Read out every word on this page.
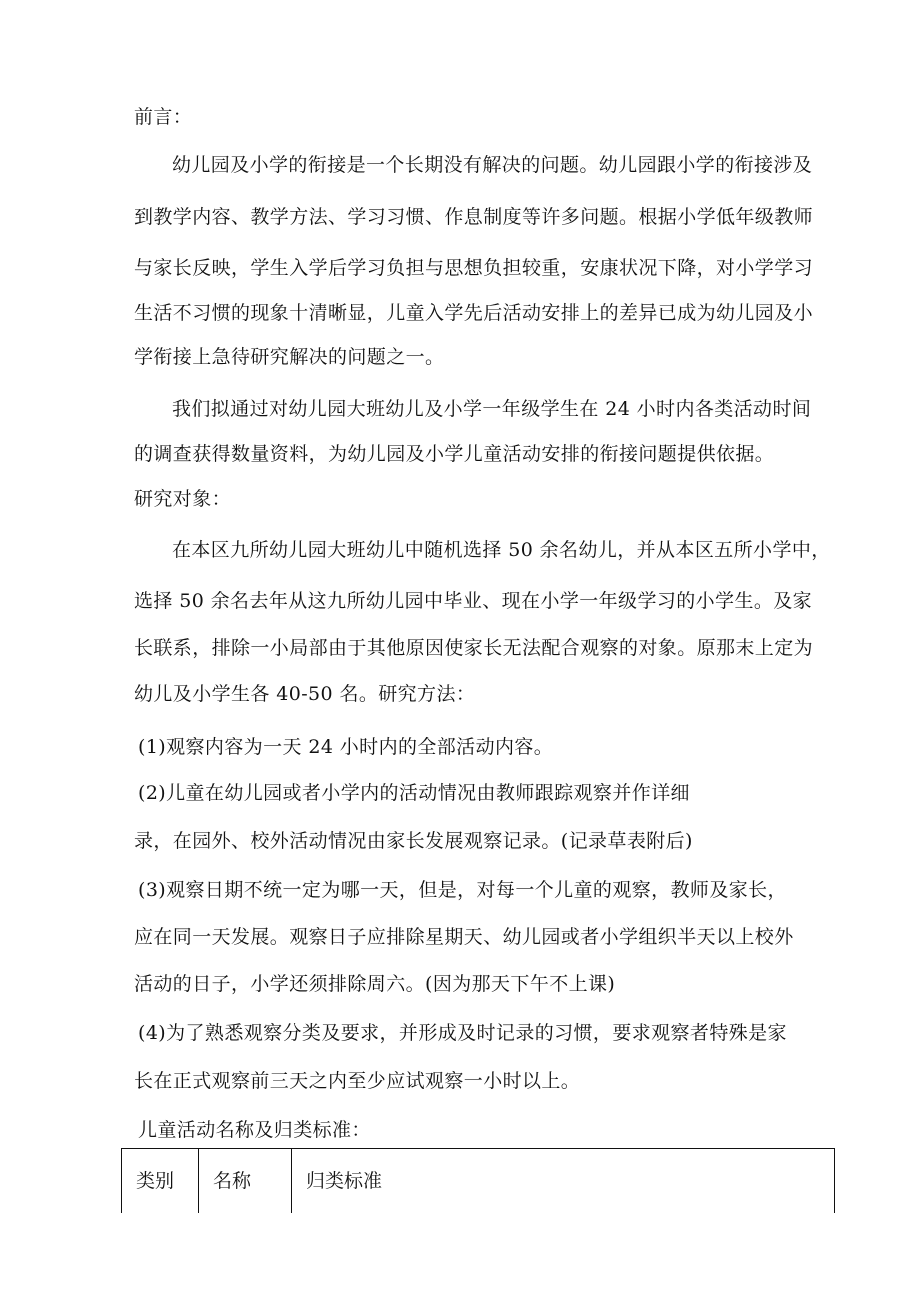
前言：
幼儿园及小学的衔接是一个长期没有解决的问题。幼儿园跟小学的衔接涉及
到教学内容、教学方法、学习习惯、作息制度等许多问题。根据小学低年级教师
与家长反映，学生入学后学习负担与思想负担较重，安康状况下降，对小学学习
生活不习惯的现象十清晰显，儿童入学先后活动安排上的差异已成为幼儿园及小
学衔接上急待研究解决的问题之一。
我们拟通过对幼儿园大班幼儿及小学一年级学生在 24 小时内各类活动时间
的调查获得数量资料，为幼儿园及小学儿童活动安排的衔接问题提供依据。
研究对象：
在本区九所幼儿园大班幼儿中随机选择 50 余名幼儿，并从本区五所小学中，
选择 50 余名去年从这九所幼儿园中毕业、现在小学一年级学习的小学生。及家
长联系，排除一小局部由于其他原因使家长无法配合观察的对象。原那末上定为
幼儿及小学生各 40-50 名。研究方法：
(1)观察内容为一天 24 小时内的全部活动内容。
(2)儿童在幼儿园或者小学内的活动情况由教师跟踪观察并作详细
录，在园外、校外活动情况由家长发展观察记录。(记录草表附后)
(3)观察日期不统一定为哪一天，但是，对每一个儿童的观察，教师及家长，
应在同一天发展。观察日子应排除星期天、幼儿园或者小学组织半天以上校外
活动的日子，小学还须排除周六。(因为那天下午不上课)
(4)为了熟悉观察分类及要求，并形成及时记录的习惯，要求观察者特殊是家
长在正式观察前三天之内至少应试观察一小时以上。
儿童活动名称及归类标准：
类别	名称	归类标准
